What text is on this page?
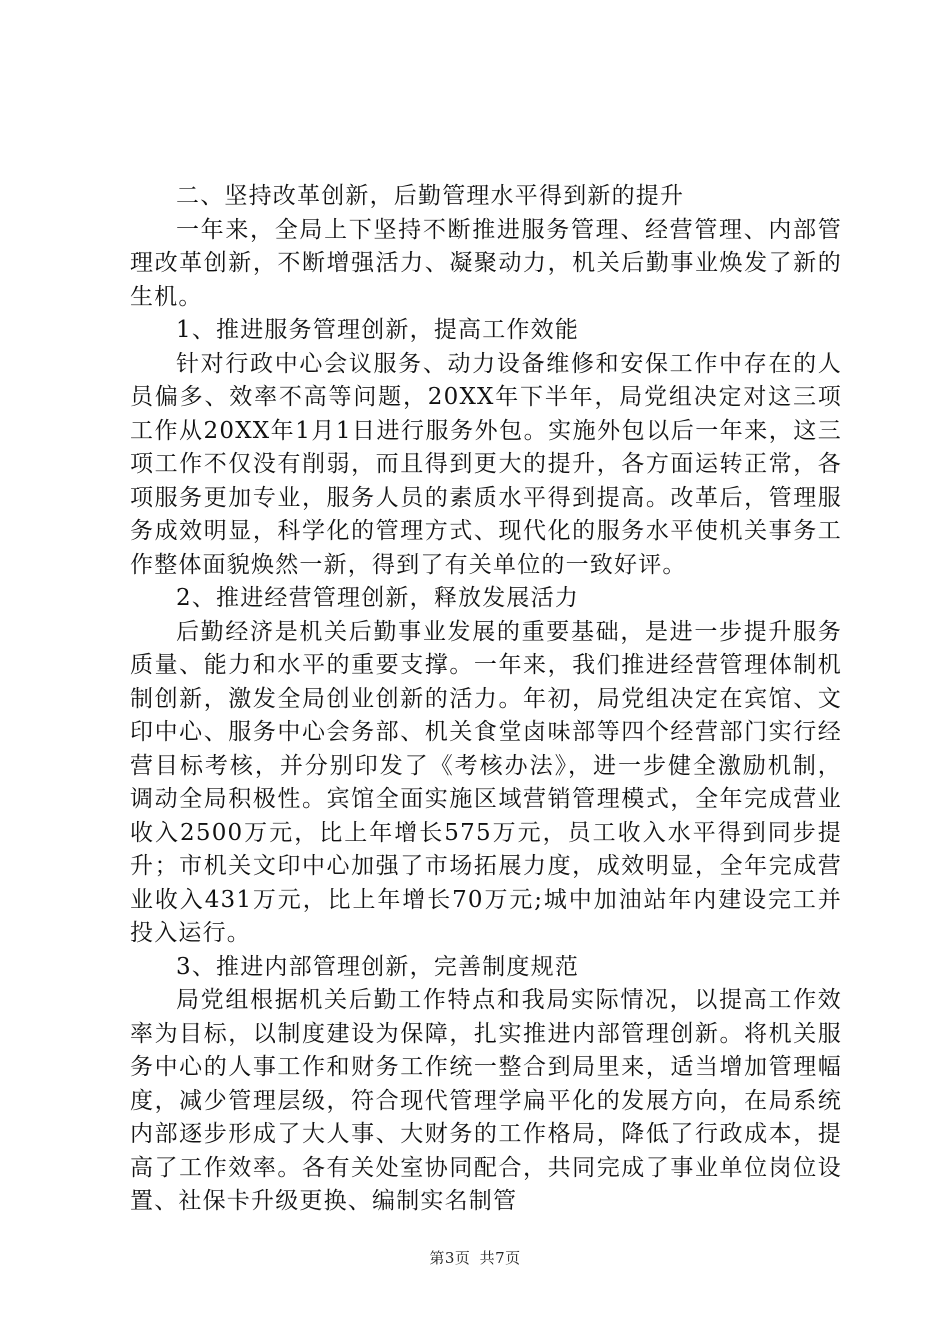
二、坚持改革创新，后勤管理水平得到新的提升

一年来，全局上下坚持不断推进服务管理、经营管理、内部管理改革创新，不断增强活力、凝聚动力，机关后勤事业焕发了新的生机。

1、推进服务管理创新，提高工作效能

针对行政中心会议服务、动力设备维修和安保工作中存在的人员偏多、效率不高等问题，20XX年下半年，局党组决定对这三项工作从20XX年1月1日进行服务外包。实施外包以后一年来，这三项工作不仅没有削弱，而且得到更大的提升，各方面运转正常，各项服务更加专业，服务人员的素质水平得到提高。改革后，管理服务成效明显，科学化的管理方式、现代化的服务水平使机关事务工作整体面貌焕然一新，得到了有关单位的一致好评。

2、推进经营管理创新，释放发展活力

后勤经济是机关后勤事业发展的重要基础，是进一步提升服务质量、能力和水平的重要支撑。一年来，我们推进经营管理体制机制创新，激发全局创业创新的活力。年初，局党组决定在宾馆、文印中心、服务中心会务部、机关食堂卤味部等四个经营部门实行经营目标考核，并分别印发了《考核办法》，进一步健全激励机制，调动全局积极性。宾馆全面实施区域营销管理模式，全年完成营业收入2500万元，比上年增长575万元，员工收入水平得到同步提升；市机关文印中心加强了市场拓展力度，成效明显，全年完成营业收入431万元，比上年增长70万元;城中加油站年内建设完工并投入运行。

3、推进内部管理创新，完善制度规范

局党组根据机关后勤工作特点和我局实际情况，以提高工作效率为目标，以制度建设为保障，扎实推进内部管理创新。将机关服务中心的人事工作和财务工作统一整合到局里来，适当增加管理幅度，减少管理层级，符合现代管理学扁平化的发展方向，在局系统内部逐步形成了大人事、大财务的工作格局，降低了行政成本，提高了工作效率。各有关处室协同配合，共同完成了事业单位岗位设置、社保卡升级更换、编制实名制管

第3页 共7页
